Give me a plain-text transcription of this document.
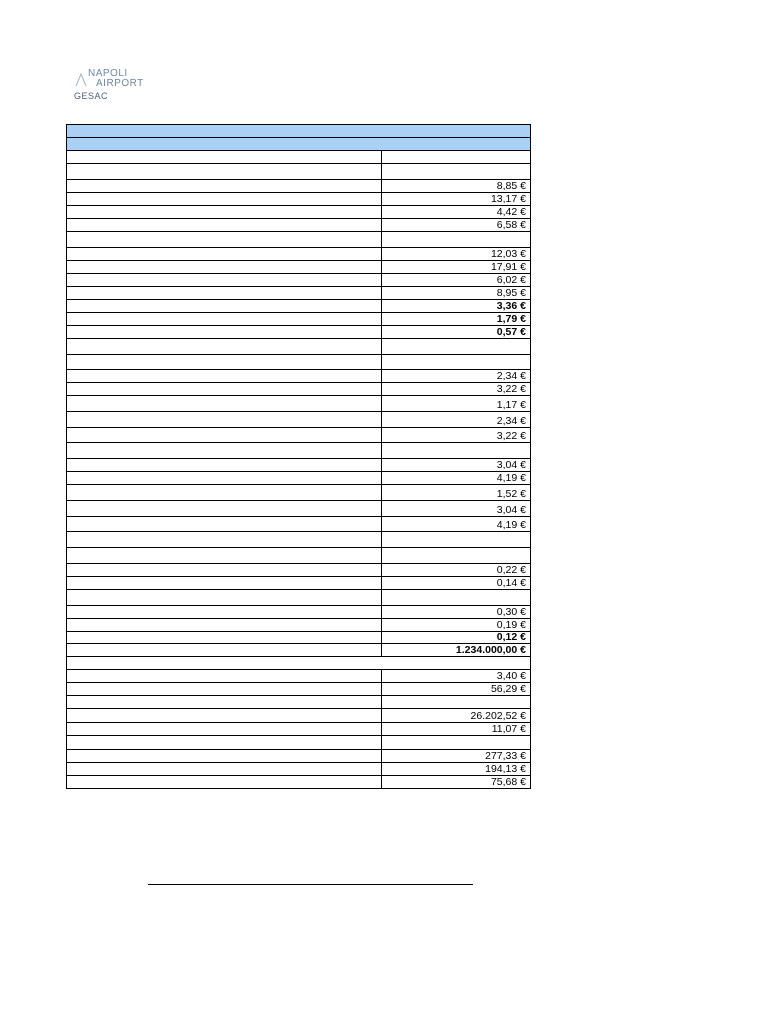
NAPOLI
AIRPORT
GESAC
8,85 €
13,17 €
4,42 €
6,58 €
12,03 €
17,91 €
6,02 €
8,95 €
3,36 €
1,79 €
0,57 €
2,34 €
3,22 €
1,17 €
2,34 €
3,22 €
3,04 €
4,19 €
1,52 €
3,04 €
4,19 €
0,22 €
0,14 €
0,30 €
0,19 €
0,12 €
1.234.000,00 €
3,40 €
56,29 €
26.202,52 €
11,07 €
277,33 €
194,13 €
75,68 €
